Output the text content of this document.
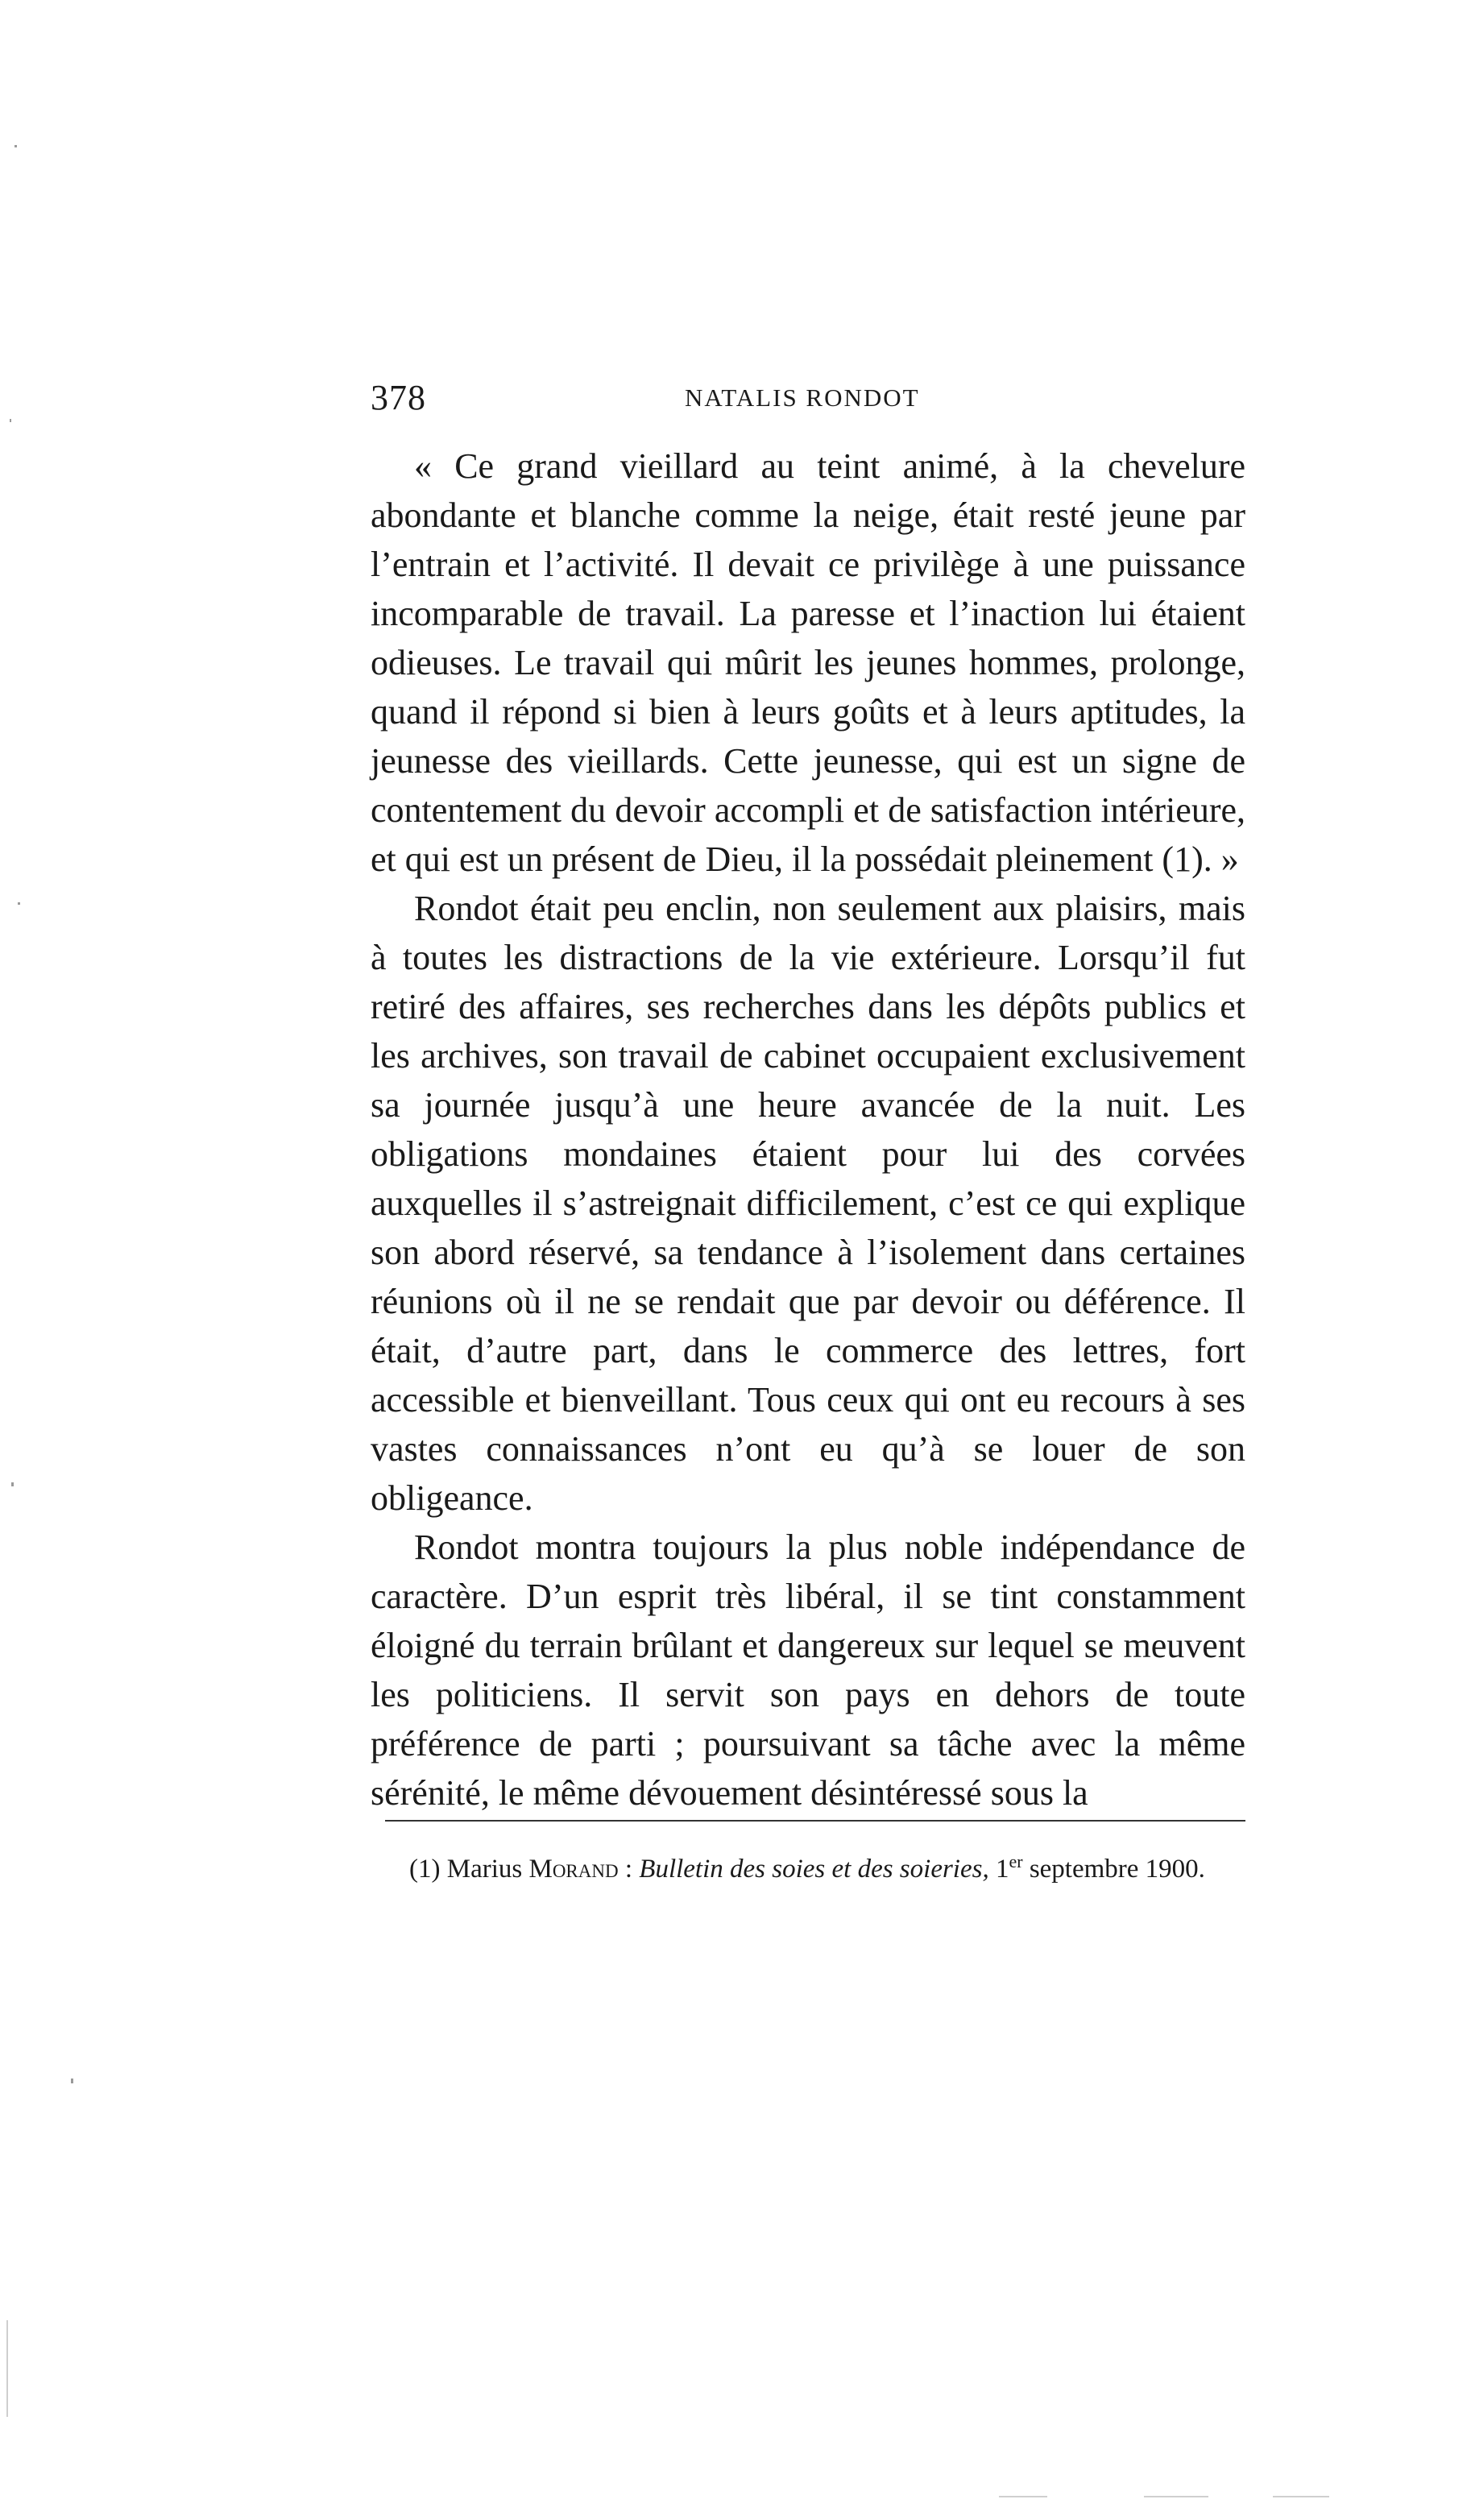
378	NATALIS RONDOT

« Ce grand vieillard au teint animé, à la chevelure abondante et blanche comme la neige, était resté jeune par l’entrain et l’activité. Il devait ce privilège à une puissance incomparable de travail. La paresse et l’inaction lui étaient odieuses. Le travail qui mûrit les jeunes hommes, prolonge, quand il répond si bien à leurs goûts et à leurs aptitudes, la jeunesse des vieillards. Cette jeunesse, qui est un signe de contentement du devoir accompli et de satisfaction intérieure, et qui est un présent de Dieu, il la possédait pleinement (1). »

Rondot était peu enclin, non seulement aux plaisirs, mais à toutes les distractions de la vie extérieure. Lorsqu’il fut retiré des affaires, ses recherches dans les dépôts publics et les archives, son travail de cabinet occupaient exclusivement sa journée jusqu’à une heure avancée de la nuit. Les obligations mondaines étaient pour lui des corvées auxquelles il s’astreignait difficilement, c’est ce qui explique son abord réservé, sa tendance à l’isolement dans certaines réunions où il ne se rendait que par devoir ou déférence. Il était, d’autre part, dans le commerce des lettres, fort accessible et bienveillant. Tous ceux qui ont eu recours à ses vastes connaissances n’ont eu qu’à se louer de son obligeance.

Rondot montra toujours la plus noble indépendance de caractère. D’un esprit très libéral, il se tint constamment éloigné du terrain brûlant et dangereux sur lequel se meuvent les politiciens. Il servit son pays en dehors de toute préférence de parti ; poursuivant sa tâche avec la même sérénité, le même dévouement désintéressé sous la

(1) Marius Morand : Bulletin des soies et des soieries, 1er septembre 1900.
